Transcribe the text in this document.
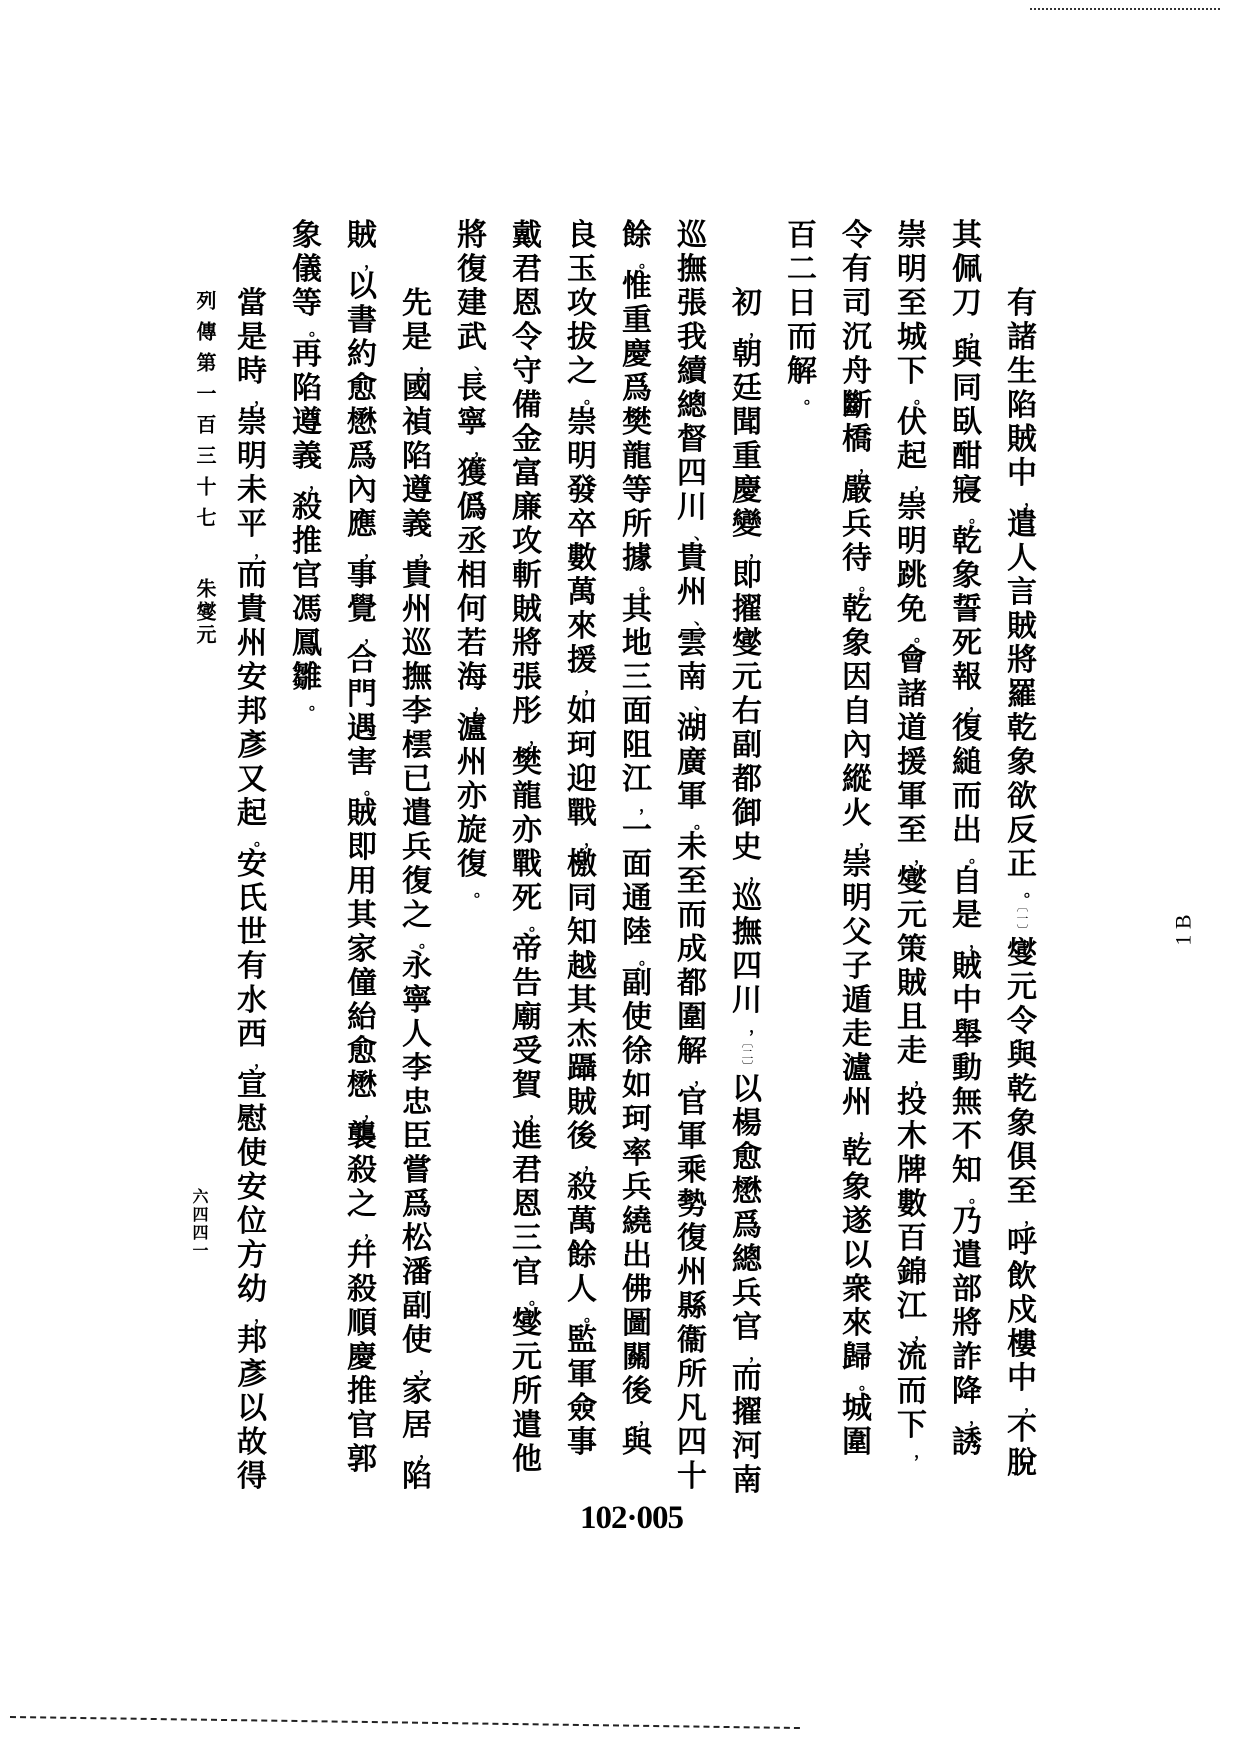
有
諸
生
陷
賊
中
，
遣
人
言
賊
將
羅
乾
象
欲
反
正
。
〔一〕
燮
元
令
與
乾
象
俱
至
，
呼
飲
戍
樓
中
，
不
脫
其
佩
刀
，
與
同
臥
酣
寢
。
乾
象
誓
死
報
，
復
縋
而
出
。
自
是
，
賊
中
舉
動
無
不
知
。
乃
遣
部
將
詐
降
，
誘
崇
明
至
城
下
。
伏
起
，
崇
明
跳
免
。
會
諸
道
援
軍
至
，
燮
元
策
賊
且
走
，
投
木
牌
數
百
錦
江
，
流
而
下
，
令
有
司
沉
舟
斷
橋
，
嚴
兵
待
。
乾
象
因
自
內
縱
火
，
崇
明
父
子
遁
走
瀘
州
，
乾
象
遂
以
衆
來
歸
。
城
圍
百
二
日
而
解
。
初
，
朝
廷
聞
重
慶
變
，
即
擢
燮
元
右
副
都
御
史
，
巡
撫
四
川
，
〔二〕
以
楊
愈
懋
爲
總
兵
官
，
而
擢
河
南
巡
撫
張
我
續
總
督
四
川
、
貴
州
、
雲
南
、
湖
廣
軍
。
未
至
而
成
都
圍
解
，
官
軍
乘
勢
復
州
縣
衞
所
凡
四
十
餘
。
惟
重
慶
爲
樊
龍
等
所
據
。
其
地
三
面
阻
江
，
一
面
通
陸
。
副
使
徐
如
珂
率
兵
繞
出
佛
圖
關
後
，
與
良
玉
攻
拔
之
。
崇
明
發
卒
數
萬
來
援
，
如
珂
迎
戰
，
檄
同
知
越
其
杰
躡
賊
後
，
殺
萬
餘
人
。
監
軍
僉
事
戴
君
恩
令
守
備
金
富
廉
攻
斬
賊
將
張
彤
，
樊
龍
亦
戰
死
。
帝
告
廟
受
賀
，
進
君
恩
三
官
。
燮
元
所
遣
他
將
復
建
武
、
長
寧
，
獲
僞
丞
相
何
若
海
，
瀘
州
亦
旋
復
。
先
是
，
國
禎
陷
遵
義
，
貴
州
巡
撫
李
橒
已
遣
兵
復
之
。
永
寧
人
李
忠
臣
嘗
爲
松
潘
副
使
，
家
居
，
陷
賊
，
以
書
約
愈
懋
爲
內
應
，
事
覺
，
合
門
遇
害
。
賊
即
用
其
家
僮
紿
愈
懋
，
襲
殺
之
，
幷
殺
順
慶
推
官
郭
象
儀
等
。
再
陷
遵
義
，
殺
推
官
馮
鳳
雛
。
當
是
時
，
崇
明
未
平
，
而
貴
州
安
邦
彥
又
起
。
安
氏
世
有
水
西
，
宣
慰
使
安
位
方
幼
，
邦
彥
以
故
得
列傳第一百三十七
朱燮元
六四四一
102·005
1 B
